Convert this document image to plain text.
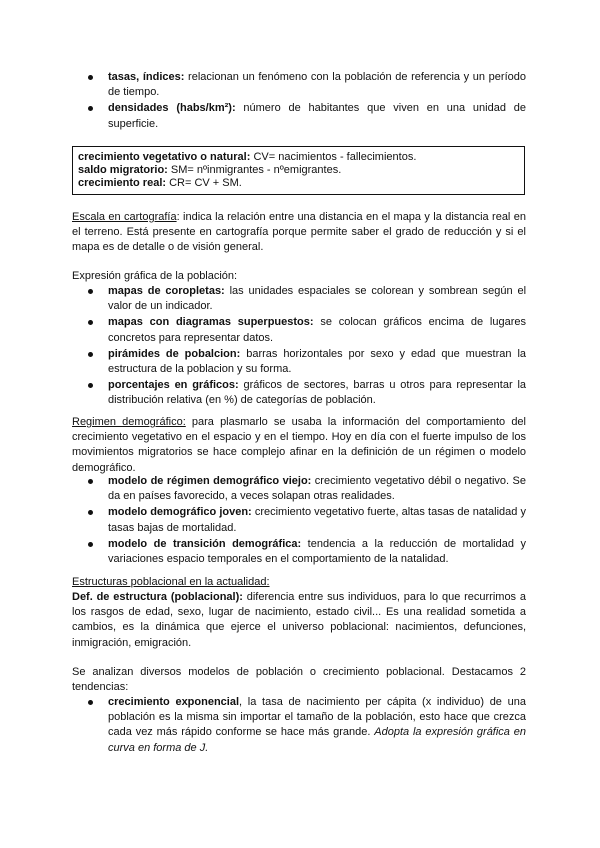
tasas, índices: relacionan un fenómeno con la población de referencia y un período de tiempo.
densidades (habs/km²): número de habitantes que viven en una unidad de superficie.

crecimiento vegetativo o natural: CV= nacimientos - fallecimientos.

saldo migratorio: SM= nºinmigrantes - nºemigrantes.

crecimiento real: CR= CV + SM.

Escala en cartografía: indica la relación entre una distancia en el mapa y la distancia real en el terreno. Está presente en cartografía porque permite saber el grado de reducción y si el mapa es de detalle o de visión general.

Expresión gráfica de la población:

mapas de coropletas: las unidades espaciales se colorean y sombrean según el valor de un indicador.
mapas con diagramas superpuestos: se colocan gráficos encima de lugares concretos para representar datos.
pirámides de pobalcion: barras horizontales por sexo y edad que muestran la estructura de la poblacion y su forma.
porcentajes en gráficos: gráficos de sectores, barras u otros para representar la distribución relativa (en %) de categorías de población.

Regimen demográfico: para plasmarlo se usaba la información del comportamiento del crecimiento vegetativo en el espacio y en el tiempo. Hoy en día con el fuerte impulso de los movimientos migratorios se hace complejo afinar en la definición de un régimen o modelo demográfico.

modelo de régimen demográfico viejo: crecimiento vegetativo débil o negativo. Se da en países favorecido, a veces solapan otras realidades.
modelo demográfico joven: crecimiento vegetativo fuerte, altas tasas de natalidad y tasas bajas de mortalidad.
modelo de transición demográfica: tendencia a la reducción de mortalidad y variaciones espacio temporales en el comportamiento de la natalidad.

Estructuras poblacional en la actualidad:

Def. de estructura (poblacional): diferencia entre sus individuos, para lo que recurrimos a los rasgos de edad, sexo, lugar de nacimiento, estado civil... Es una realidad sometida a cambios, es la dinámica que ejerce el universo poblacional: nacimientos, defunciones, inmigración, emigración.

Se analizan diversos modelos de población o crecimiento poblacional. Destacamos 2 tendencias:

crecimiento exponencial, la tasa de nacimiento per cápita (x individuo) de una población es la misma sin importar el tamaño de la población, esto hace que crezca cada vez más rápido conforme se hace más grande. Adopta la expresión gráfica en curva en forma de J.
